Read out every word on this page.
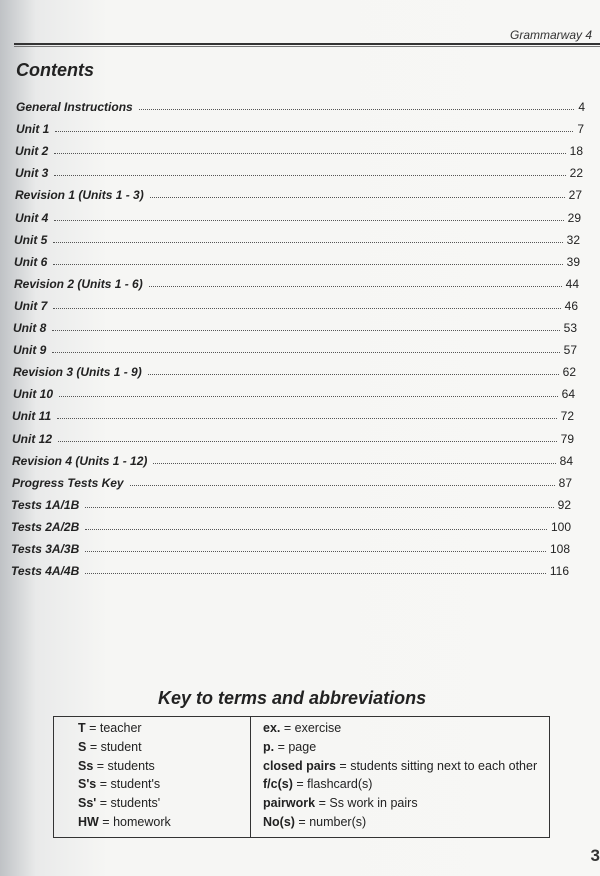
Grammarway 4
Contents
General Instructions	4
Unit 1	7
Unit 2	18
Unit 3	22
Revision 1 (Units 1 - 3)	27
Unit 4	29
Unit 5	32
Unit 6	39
Revision 2 (Units 1 - 6)	44
Unit 7	46
Unit 8	53
Unit 9	57
Revision 3 (Units 1 - 9)	62
Unit 10	64
Unit 11	72
Unit 12	79
Revision 4 (Units 1 - 12)	84
Progress Tests Key	87
Tests 1A/1B	92
Tests 2A/2B	100
Tests 3A/3B	108
Tests 4A/4B	116
Key to terms and abbreviations
T = teacher
S = student
Ss = students
S's = student's
Ss' = students'
HW = homework
ex. = exercise
p. = page
closed pairs = students sitting next to each other
f/c(s) = flashcard(s)
pairwork = Ss work in pairs
No(s) = number(s)
3
